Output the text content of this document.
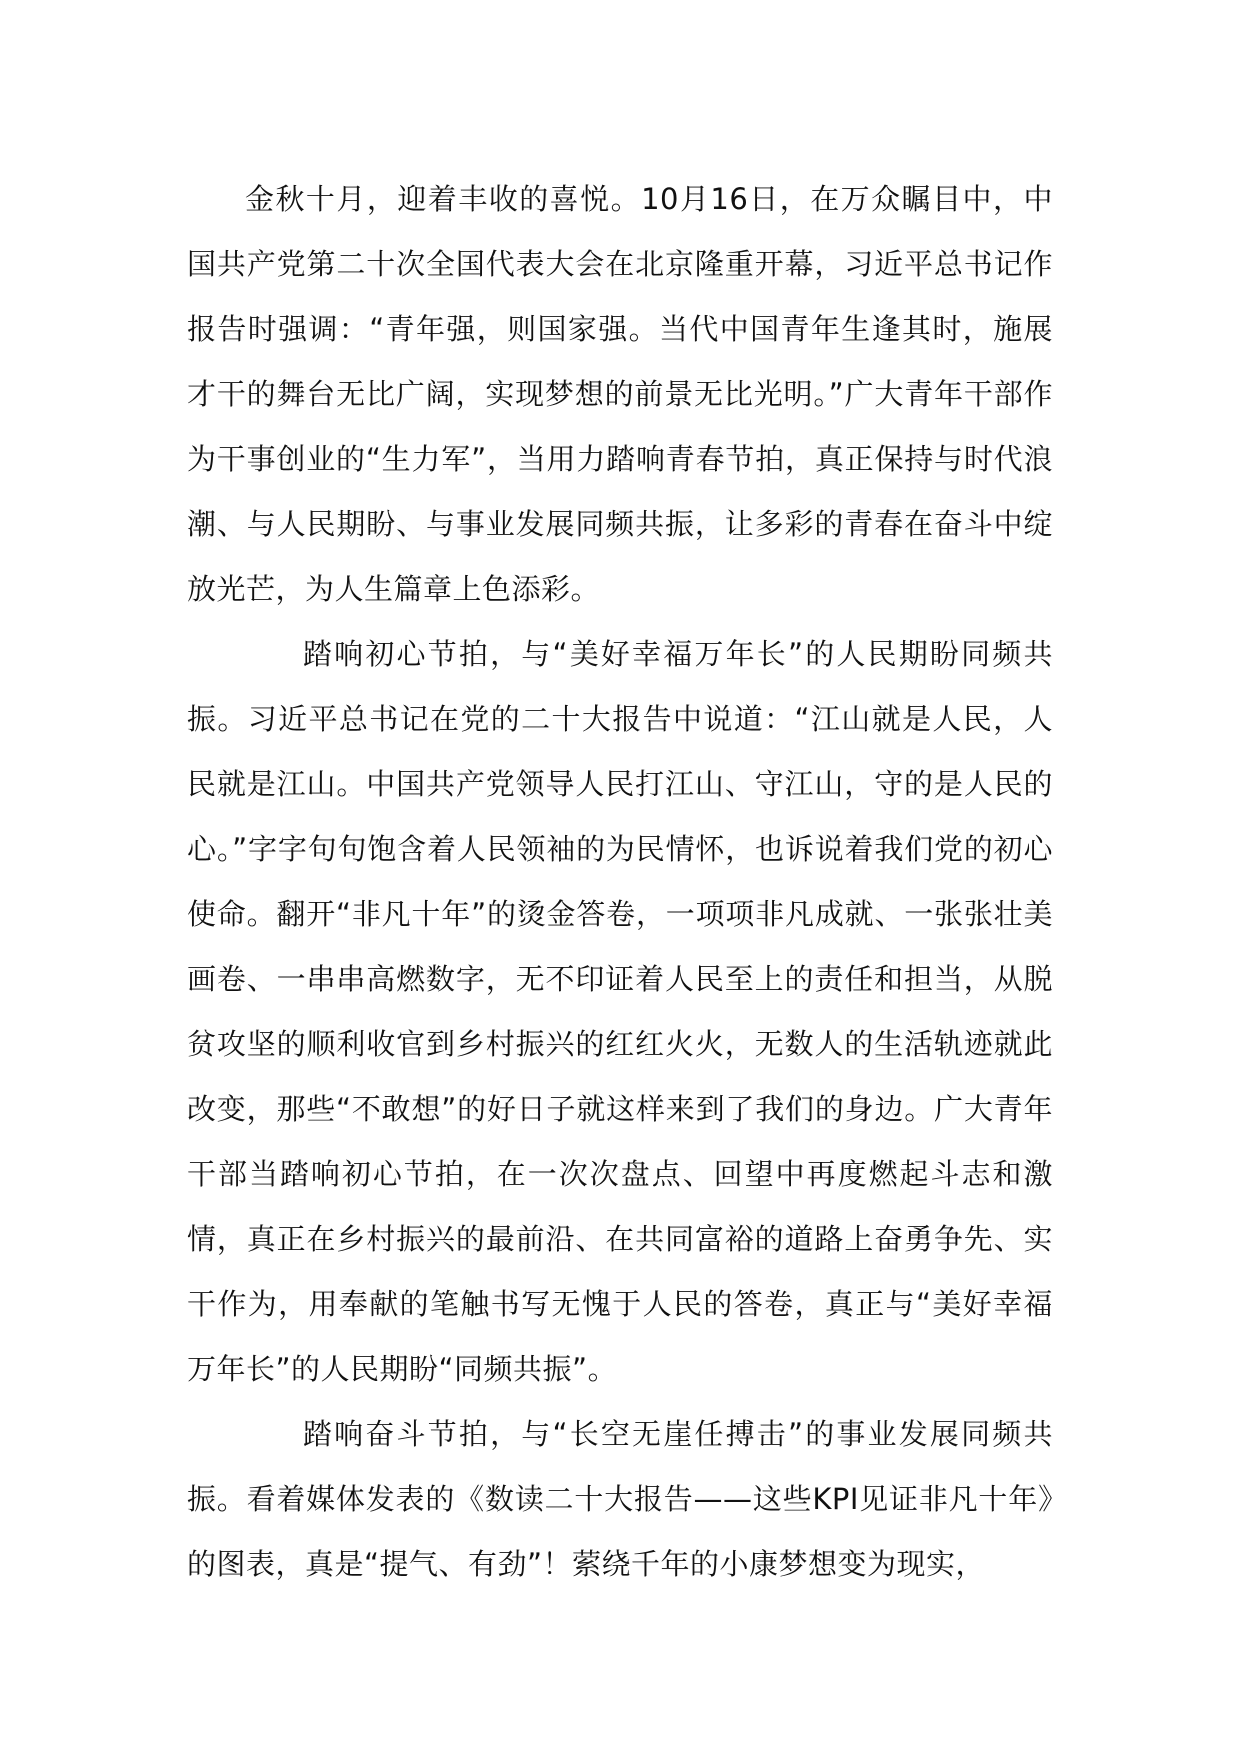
金秋十月，迎着丰收的喜悦。10月16日，在万众瞩目中，中国共产党第二十次全国代表大会在北京隆重开幕，习近平总书记作报告时强调：“青年强，则国家强。当代中国青年生逢其时，施展才干的舞台无比广阔，实现梦想的前景无比光明。”广大青年干部作为干事创业的“生力军”，当用力踏响青春节拍，真正保持与时代浪潮、与人民期盼、与事业发展同频共振，让多彩的青春在奋斗中绽放光芒，为人生篇章上色添彩。

踏响初心节拍，与“美好幸福万年长”的人民期盼同频共振。习近平总书记在党的二十大报告中说道：“江山就是人民，人民就是江山。中国共产党领导人民打江山、守江山，守的是人民的心。”字字句句饱含着人民领袖的为民情怀，也诉说着我们党的初心使命。翻开“非凡十年”的烫金答卷，一项项非凡成就、一张张壮美画卷、一串串高燃数字，无不印证着人民至上的责任和担当，从脱贫攻坚的顺利收官到乡村振兴的红红火火，无数人的生活轨迹就此改变，那些“不敢想”的好日子就这样来到了我们的身边。广大青年干部当踏响初心节拍，在一次次盘点、回望中再度燃起斗志和激情，真正在乡村振兴的最前沿、在共同富裕的道路上奋勇争先、实干作为，用奉献的笔触书写无愧于人民的答卷，真正与“美好幸福万年长”的人民期盼“同频共振”。

踏响奋斗节拍，与“长空无崖任搏击”的事业发展同频共振。看着媒体发表的《数读二十大报告——这些KPI见证非凡十年》的图表，真是“提气、有劲”！萦绕千年的小康梦想变为现实，
